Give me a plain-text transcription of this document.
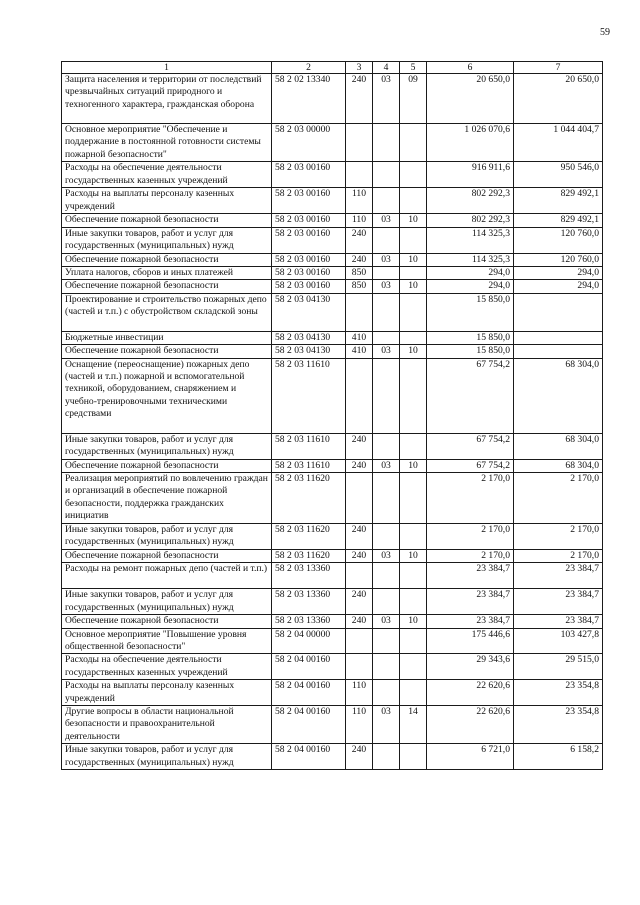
59
1	2	3	4	5	6	7
Защита населения и территории от последствий чрезвычайных ситуаций природного и техногенного характера, гражданская оборона	58 2 02 13340	240	03	09	20 650,0	20 650,0
Основное мероприятие "Обеспечение и поддержание в постоянной готовности системы пожарной безопасности"	58 2 03 00000				1 026 070,6	1 044 404,7
Расходы на обеспечение деятельности государственных казенных учреждений	58 2 03 00160				916 911,6	950 546,0
Расходы на выплаты персоналу казенных учреждений	58 2 03 00160	110			802 292,3	829 492,1
Обеспечение пожарной безопасности	58 2 03 00160	110	03	10	802 292,3	829 492,1
Иные закупки товаров, работ и услуг для государственных (муниципальных) нужд	58 2 03 00160	240			114 325,3	120 760,0
Обеспечение пожарной безопасности	58 2 03 00160	240	03	10	114 325,3	120 760,0
Уплата налогов, сборов и иных платежей	58 2 03 00160	850			294,0	294,0
Обеспечение пожарной безопасности	58 2 03 00160	850	03	10	294,0	294,0
Проектирование и строительство пожарных депо (частей и т.п.) с обустройством складской зоны	58 2 03 04130				15 850,0	
Бюджетные инвестиции	58 2 03 04130	410			15 850,0	
Обеспечение пожарной безопасности	58 2 03 04130	410	03	10	15 850,0	
Оснащение (переоснащение) пожарных депо (частей и т.п.) пожарной и вспомогательной техникой, оборудованием, снаряжением и учебно-тренировочными техническими средствами	58 2 03 11610				67 754,2	68 304,0
Иные закупки товаров, работ и услуг для государственных (муниципальных) нужд	58 2 03 11610	240			67 754,2	68 304,0
Обеспечение пожарной безопасности	58 2 03 11610	240	03	10	67 754,2	68 304,0
Реализация мероприятий по вовлечению граждан и организаций в обеспечение пожарной безопасности, поддержка гражданских инициатив	58 2 03 11620				2 170,0	2 170,0
Иные закупки товаров, работ и услуг для государственных (муниципальных) нужд	58 2 03 11620	240			2 170,0	2 170,0
Обеспечение пожарной безопасности	58 2 03 11620	240	03	10	2 170,0	2 170,0
Расходы на ремонт пожарных депо (частей и т.п.)	58 2 03 13360				23 384,7	23 384,7
Иные закупки товаров, работ и услуг для государственных (муниципальных) нужд	58 2 03 13360	240			23 384,7	23 384,7
Обеспечение пожарной безопасности	58 2 03 13360	240	03	10	23 384,7	23 384,7
Основное мероприятие "Повышение уровня общественной безопасности"	58 2 04 00000				175 446,6	103 427,8
Расходы на обеспечение деятельности государственных казенных учреждений	58 2 04 00160				29 343,6	29 515,0
Расходы на выплаты персоналу казенных учреждений	58 2 04 00160	110			22 620,6	23 354,8
Другие вопросы в области национальной безопасности и правоохранительной деятельности	58 2 04 00160	110	03	14	22 620,6	23 354,8
Иные закупки товаров, работ и услуг для государственных (муниципальных) нужд	58 2 04 00160	240			6 721,0	6 158,2
